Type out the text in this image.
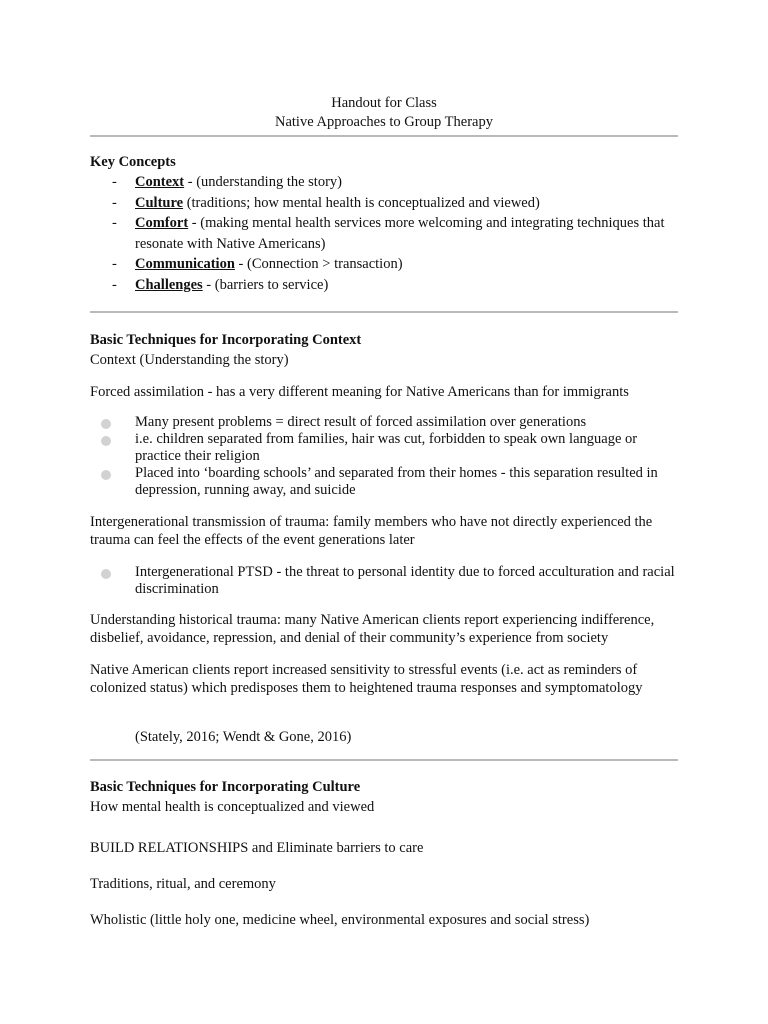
Handout for Class
Native Approaches to Group Therapy
Key Concepts
- Context - (understanding the story)
- Culture (traditions; how mental health is conceptualized and viewed)
- Comfort - (making mental health services more welcoming and integrating techniques that resonate with Native Americans)
- Communication - (Connection > transaction)
- Challenges - (barriers to service)
Basic Techniques for Incorporating Context

Context (Understanding the story)

Forced assimilation - has a very different meaning for Native Americans than for immigrants

Many present problems = direct result of forced assimilation over generations
i.e. children separated from families, hair was cut, forbidden to speak own language or practice their religion
Placed into ‘boarding schools’ and separated from their homes - this separation resulted in depression, running away, and suicide

Intergenerational transmission of trauma: family members who have not directly experienced the trauma can feel the effects of the event generations later

Intergenerational PTSD - the threat to personal identity due to forced acculturation and racial discrimination

Understanding historical trauma: many Native American clients report experiencing indifference, disbelief, avoidance, repression, and denial of their community’s experience from society

Native American clients report increased sensitivity to stressful events (i.e. act as reminders of colonized status) which predisposes them to heightened trauma responses and symptomatology

(Stately, 2016; Wendt & Gone, 2016)

Basic Techniques for Incorporating Culture

How mental health is conceptualized and viewed

BUILD RELATIONSHIPS and Eliminate barriers to care

Traditions, ritual, and ceremony

Wholistic (little holy one, medicine wheel, environmental exposures and social stress)
